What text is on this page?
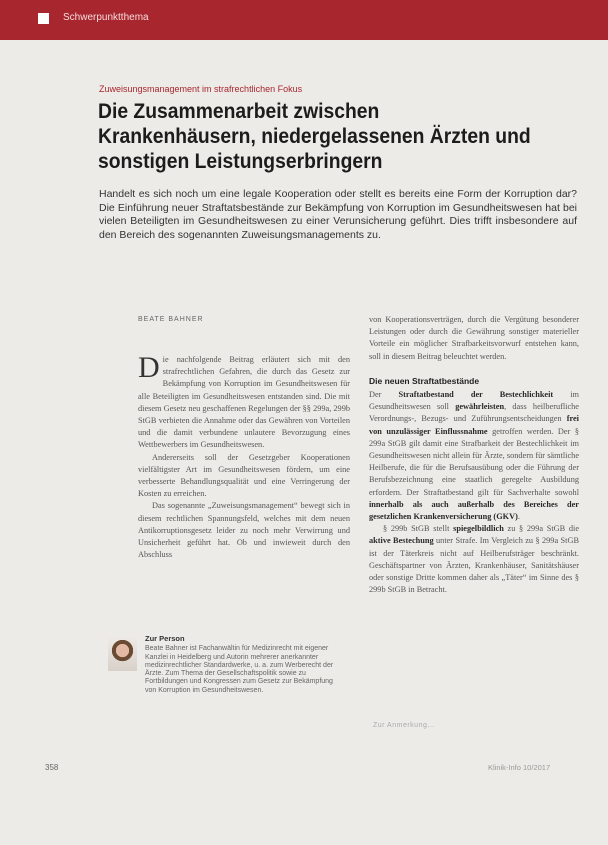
Schwerpunktthema
Zuweisungsmanagement im strafrechtlichen Fokus
Die Zusammenarbeit zwischen Krankenhäusern, niedergelassenen Ärzten und sonstigen Leistungserbringern
Handelt es sich noch um eine legale Kooperation oder stellt es bereits eine Form der Korruption dar? Die Einführung neuer Straftatsbestände zur Bekämpfung von Korruption im Gesundheitswesen hat bei vielen Beteiligten im Gesundheitswesen zu einer Verunsicherung geführt. Dies trifft insbesondere auf den Bereich des sogenannten Zuweisungsmanagements zu.
BEATE BAHNER

Die nachfolgende Beitrag erläutert sich mit den strafrechtlichen Gefahren, die durch das Gesetz zur Bekämpfung von Korruption im Gesundheitswesen für alle Beteiligten im Gesundheitswesen entstanden sind. Die mit diesem Gesetz neu geschaffenen Regelungen der §§ 299a, 299b StGB verbieten die Annahme oder das Gewähren von Vorteilen und die damit verbundene unlautere Bevorzugung eines Wettbewerbers im Gesundheitswesen.

Andererseits soll der Gesetzgeber Kooperationen vielfältigster Art im Gesundheitswesen fördern, um eine verbesserte Behandlungsqualität und eine Verringerung der Kosten zu erreichen.

Das sogenannte „Zuweisungsmanagement“ bewegt sich in diesem rechtlichen Spannungsfeld, welches mit dem neuen Antikorruptionsgesetz leider zu noch mehr Verwirrung und Unsicherheit geführt hat. Ob und inwieweit durch den Abschluss

von Kooperationsverträgen, durch die Vergütung besonderer Leistungen oder durch die Gewährung sonstiger materieller Vorteile ein möglicher Strafbarkeitsvorwurf entstehen kann, soll in diesem Beitrag beleuchtet werden.

Die neuen Straftatbestände

Der Straftatbestand der Bestechlichkeit im Gesundheitswesen soll gewährleisten, dass heilberufliche Verordnungs-, Bezugs- und Zuführungsentscheidungen frei von unzulässiger Einflussnahme getroffen werden. Der § 299a StGB gilt damit eine Strafbarkeit der Bestechlichkeit im Gesundheitswesen nicht allein für Ärzte, sondern für sämtliche Heilberufe, die für die Berufsausübung oder die Führung der Berufsbezeichnung eine staatlich geregelte Ausbildung erfordern. Der Straftatbestand gilt für Sachverhalte sowohl innerhalb als auch außerhalb des Bereiches der gesetzlichen Krankenversicherung (GKV).

§ 299b StGB stellt spiegelbildlich zu § 299a StGB die aktive Bestechung unter Strafe. Im Vergleich zu § 299a StGB ist der Täterkreis nicht auf Heilberufsträger beschränkt. Geschäftspartner von Ärzten, Krankenhäuser, Sanitätshäuser oder sonstige Dritte kommen daher als „Täter“ im Sinne des § 299b StGB in Betracht.

Zur Person
Beate Bahner ist Fachanwältin für Medizinrecht mit eigener Kanzlei in Heidelberg und Autorin mehrerer anerkannter medizinrechtlicher Standardwerke, u. a. zum Werberecht der Ärzte. Zum Thema der Gesellschaftspolitik sowie zu Fortbildungen und Kongressen zum Gesetz zur Bekämpfung von Korruption im Gesundheitswesen.
Zur Anmerkung…
358	Klinik-Info 10/2017
